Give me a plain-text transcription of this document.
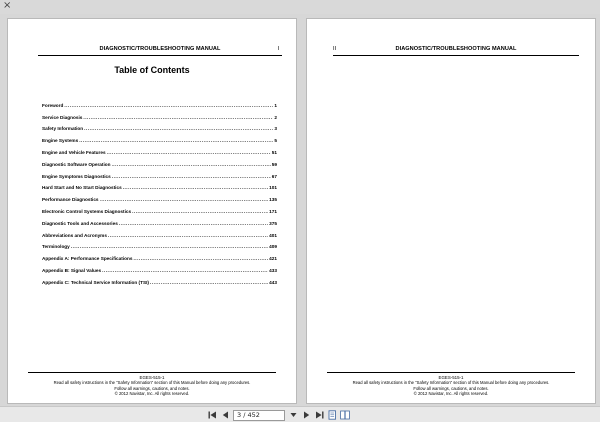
×
DIAGNOSTIC/TROUBLESHOOTING MANUAL	I
Table of Contents
Foreword .....	1
Service Diagnosis .....	2
Safety Information .....	3
Engine Systems .....	5
Engine and Vehicle Features .....	51
Diagnostic Software Operation .....	59
Engine Symptoms Diagnostics .....	67
Hard Start and No Start Diagnostics .....	101
Performance Diagnostics .....	135
Electronic Control Systems Diagnostics .....	171
Diagnostic Tools and Accessories .....	375
Abbreviations and Acronyms .....	401
Terminology .....	409
Appendix A: Performance Specifications .....	421
Appendix B: Signal Values .....	433
Appendix C: Technical Service Information (TSI) .....	443
EGES-515-1
Read all safety instructions in the "Safety Information" section of this Manual before doing any procedures.
Follow all warnings, cautions, and notes.
© 2012 Navistar, Inc. All rights reserved.
II	DIAGNOSTIC/TROUBLESHOOTING MANUAL
EGES-515-1
Read all safety instructions in the "Safety Information" section of this Manual before doing any procedures.
Follow all warnings, cautions, and notes.
© 2012 Navistar, Inc. All rights reserved.
3 / 452
